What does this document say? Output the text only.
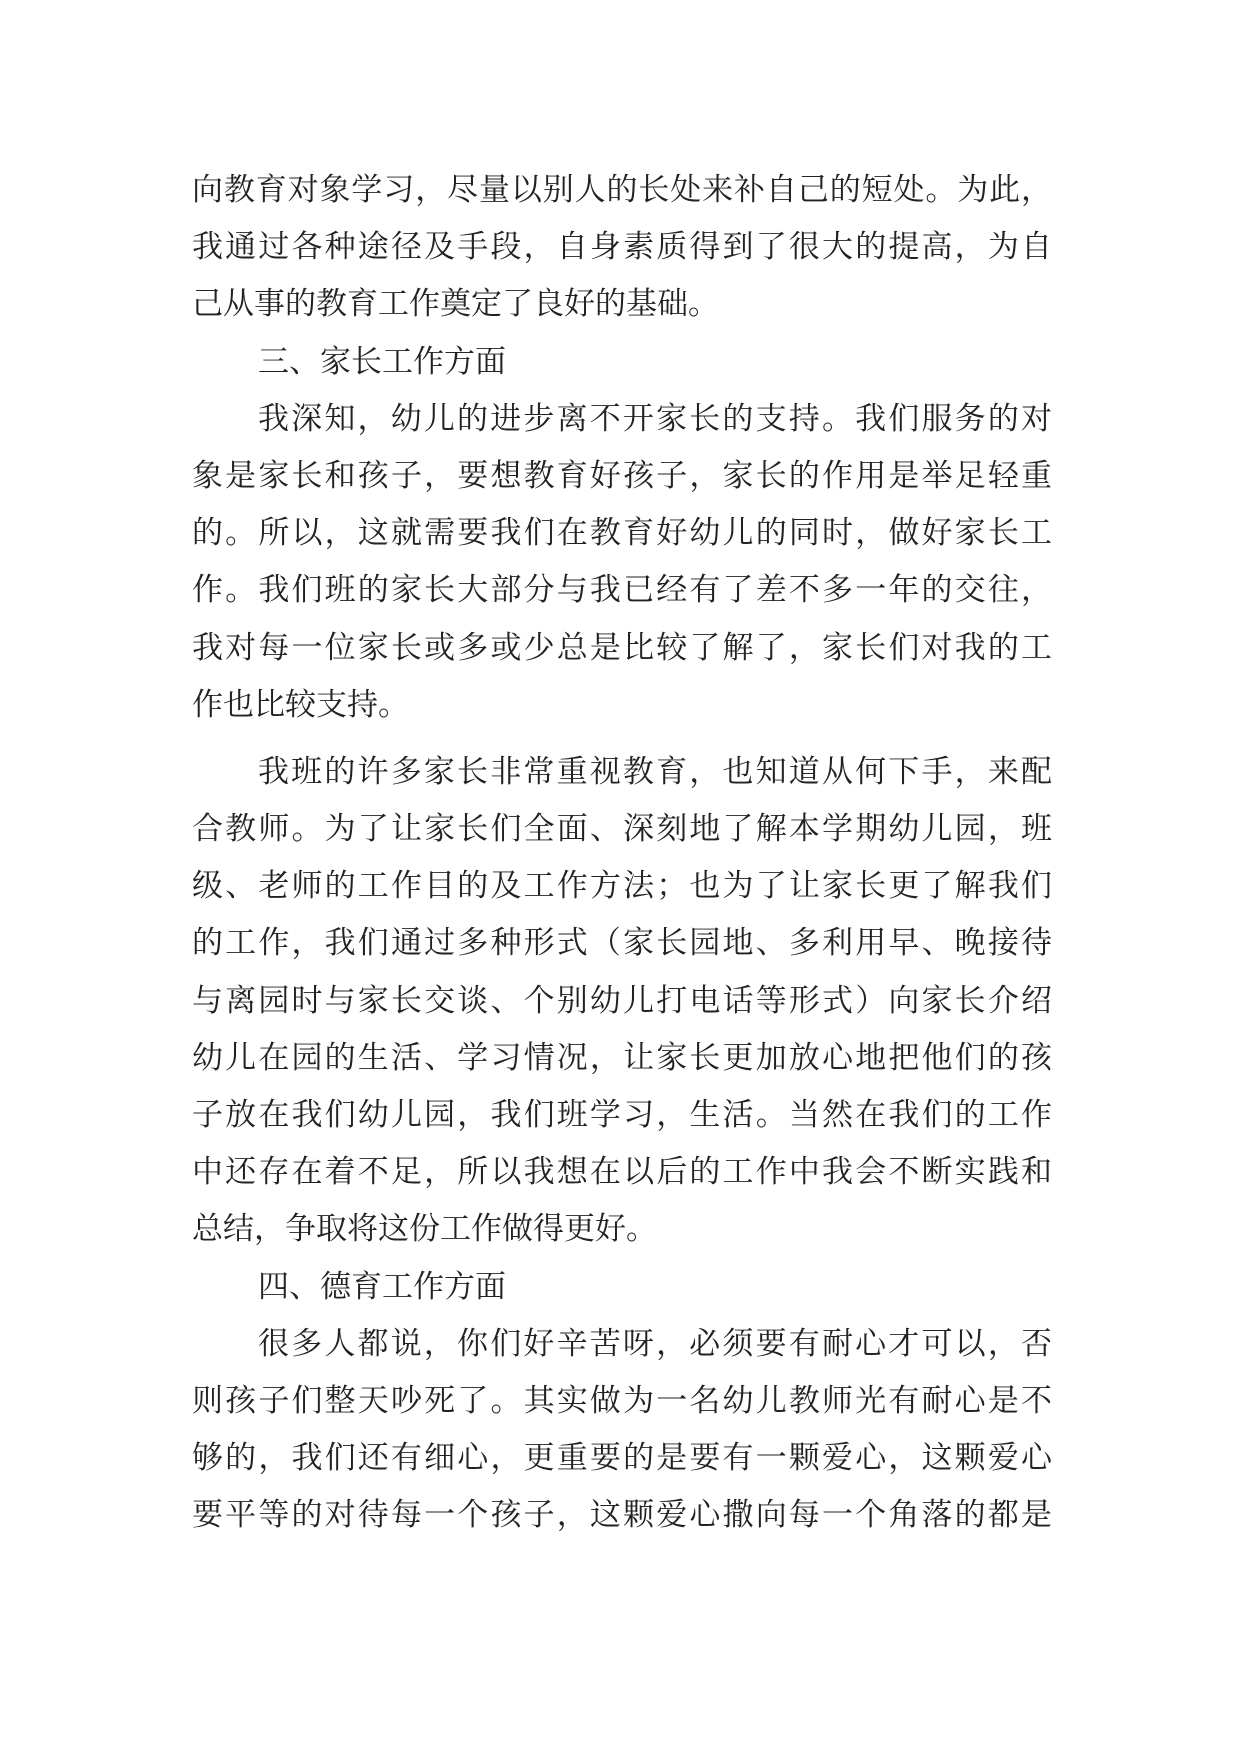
向教育对象学习，尽量以别人的长处来补自己的短处。为此，
我通过各种途径及手段，自身素质得到了很大的提高，为自
己从事的教育工作奠定了良好的基础。
三、家长工作方面
我深知，幼儿的进步离不开家长的支持。我们服务的对
象是家长和孩子，要想教育好孩子，家长的作用是举足轻重
的。所以，这就需要我们在教育好幼儿的同时，做好家长工
作。我们班的家长大部分与我已经有了差不多一年的交往，
我对每一位家长或多或少总是比较了解了，家长们对我的工
作也比较支持。
我班的许多家长非常重视教育，也知道从何下手，来配
合教师。为了让家长们全面、深刻地了解本学期幼儿园，班
级、老师的工作目的及工作方法；也为了让家长更了解我们
的工作，我们通过多种形式（家长园地、多利用早、晚接待
与离园时与家长交谈、个别幼儿打电话等形式）向家长介绍
幼儿在园的生活、学习情况，让家长更加放心地把他们的孩
子放在我们幼儿园，我们班学习，生活。当然在我们的工作
中还存在着不足，所以我想在以后的工作中我会不断实践和
总结，争取将这份工作做得更好。
四、德育工作方面
很多人都说，你们好辛苦呀，必须要有耐心才可以，否
则孩子们整天吵死了。其实做为一名幼儿教师光有耐心是不
够的，我们还有细心，更重要的是要有一颗爱心，这颗爱心
要平等的对待每一个孩子，这颗爱心撒向每一个角落的都是
